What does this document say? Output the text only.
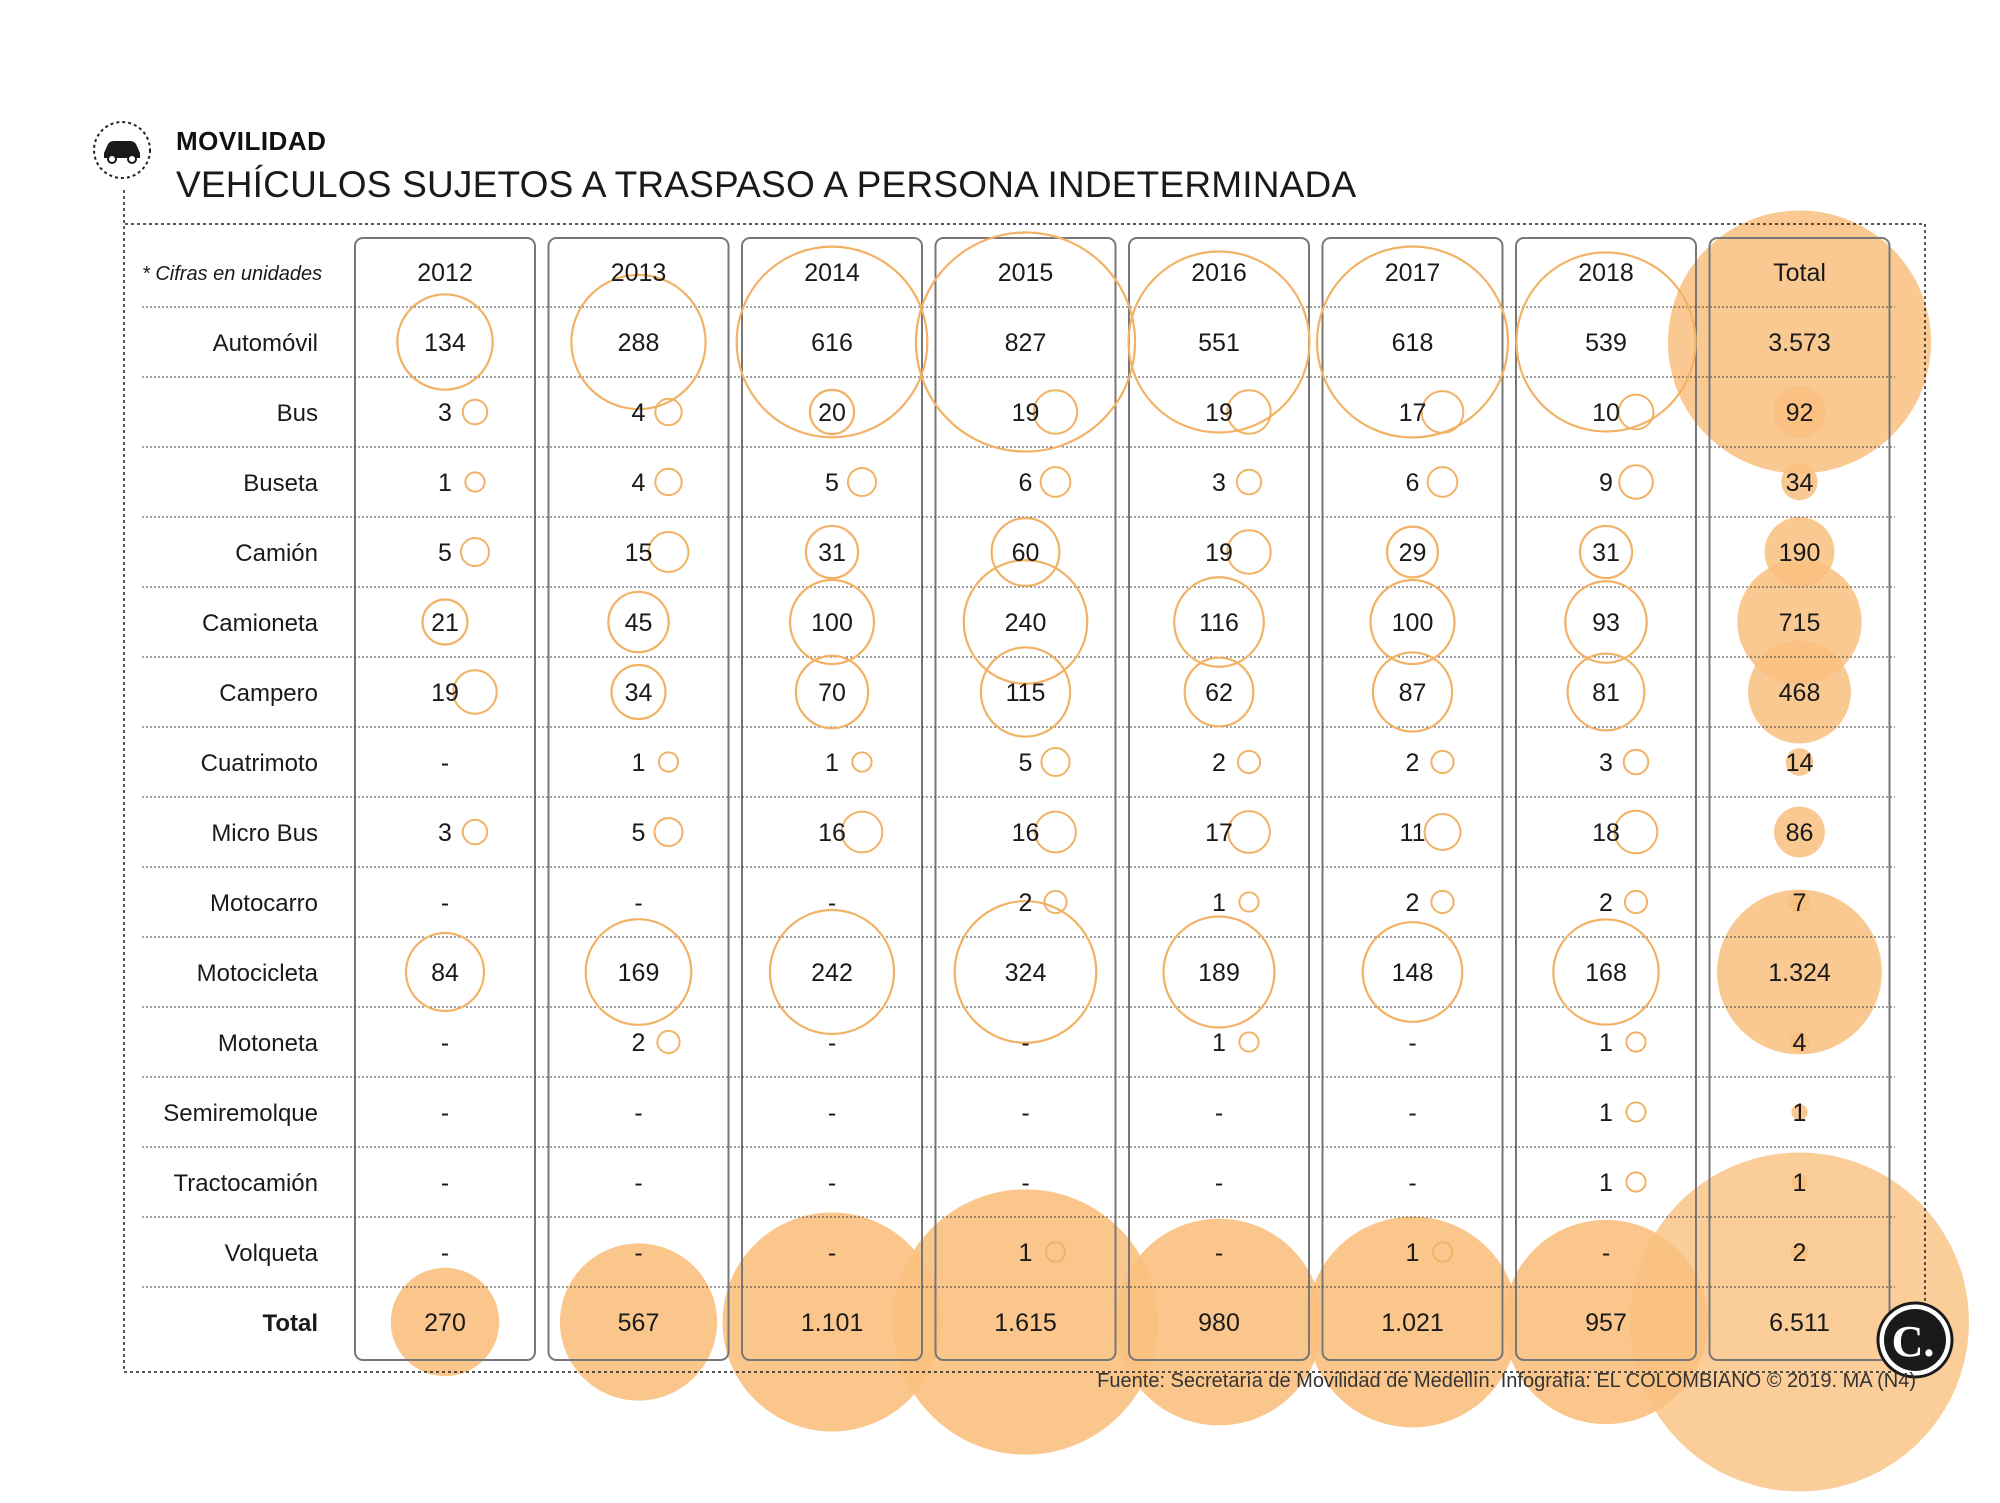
MOVILIDAD
VEHÍCULOS SUJETOS A TRASPASO A PERSONA INDETERMINADA
* Cifras en unidades	2012	2013	2014	2015	2016	2017	2018	Total
Automóvil	134	288	616	827	551	618	539	3.573
Bus	3	4	20	19	19	17	10	92
Buseta	1	4	5	6	3	6	9	34
Camión	5	15	31	60	19	29	31	190
Camioneta	21	45	100	240	116	100	93	715
Campero	19	34	70	115	62	87	81	468
Cuatrimoto	-	1	1	5	2	2	3	14
Micro Bus	3	5	16	16	17	11	18	86
Motocarro	-	-	-	2	1	2	2	7
Motocicleta	84	169	242	324	189	148	168	1.324
Motoneta	-	2	-	-	1	-	1	4
Semiremolque	-	-	-	-	-	-	1	1
Tractocamión	-	-	-	-	-	-	1	1
Volqueta	-	-	-	1	-	1	-	2
Total	270	567	1.101	1.615	980	1.021	957	6.511 C.
Fuente: Secretaría de Movilidad de Medellín. Infografía: EL COLOMBIANO © 2019. MA (N4)
